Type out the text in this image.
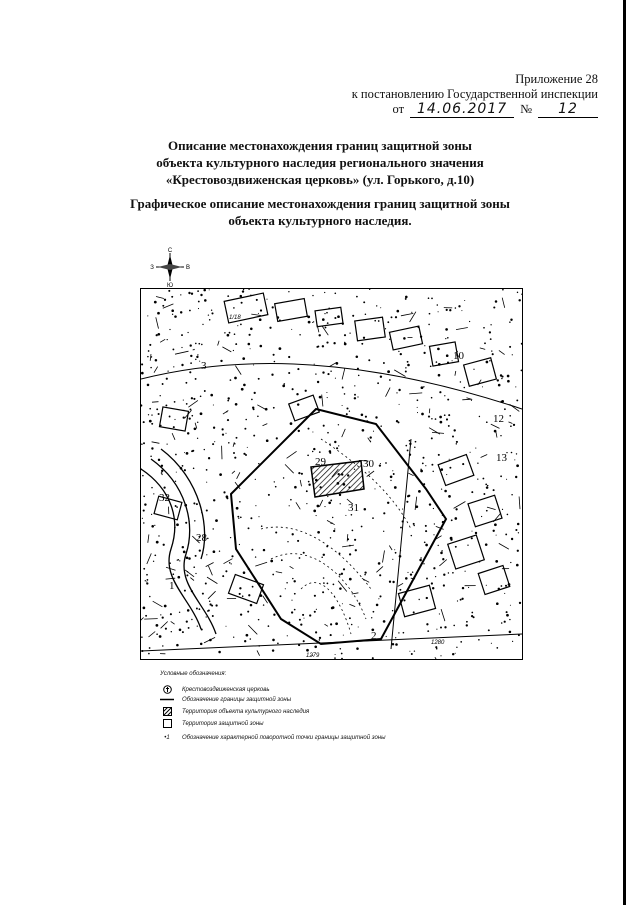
Приложение 28
к постановлению Государственной инспекции
от 14.06.2017	№	12
Описание местонахождения границ защитной зоны
объекта культурного наследия регионального значения
«Крестовоздвиженская церковь» (ул. Горького, д.10)
Графическое описание местонахождения границ защитной зоны
объекта культурного наследия.
С
Ю
З	В
1
2
3
10
12
13
28
29	30
31
32
1/18
1280
1279
Условные обозначения:
Крестовоздвиженская церковь
Обозначение границы защитной зоны
Территория объекта культурного наследия
Территория защитной зоны
•1	Обозначение характерной поворотной точки границы защитной зоны
